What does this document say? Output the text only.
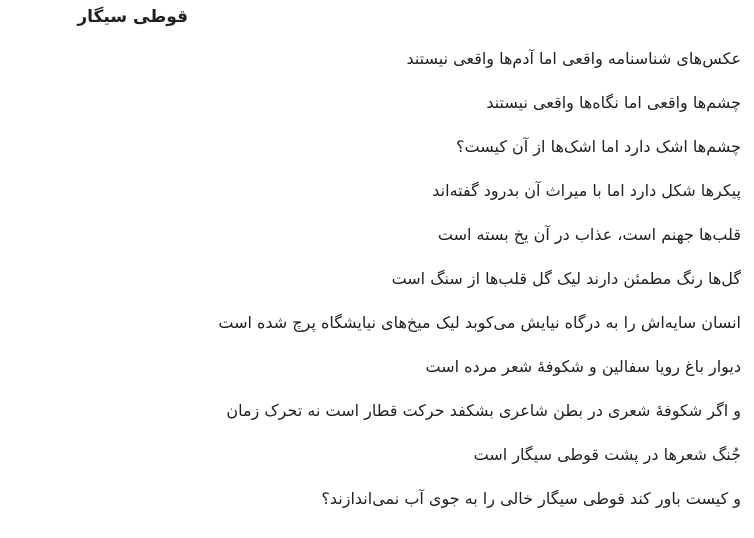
قوطی سیگار
عکس‌های شناسنامه واقعی اما آدم‌ها واقعی نیستند
چشم‌ها واقعی اما نگاه‌ها واقعی نیستند
چشم‌ها اشک دارد اما اشک‌ها از آن کیست؟
پیکرها شکل دارد اما با میراث آن بدرود گفته‌اند
قلب‌ها جهنم است، عذاب در آن یخ بسته است
گل‌ها رنگ مطمئن دارند لیک گل قلب‌ها از سنگ است
انسان سایه‌اش را به درگاه نیایش می‌کوبد لیک میخ‌های نیایشگاه پرچ شده است
دیوار باغ رویا سفالین و شکوفهٔ شعر مرده است
و اگر شکوفهٔ شعری در بطن شاعری بشکفد حرکت قطار است نه تحرک زمان
جُنگ شعرها در پشت قوطی سیگار است
و کیست باور کند قوطی سیگار خالی را به جوی آب نمی‌اندازند؟
